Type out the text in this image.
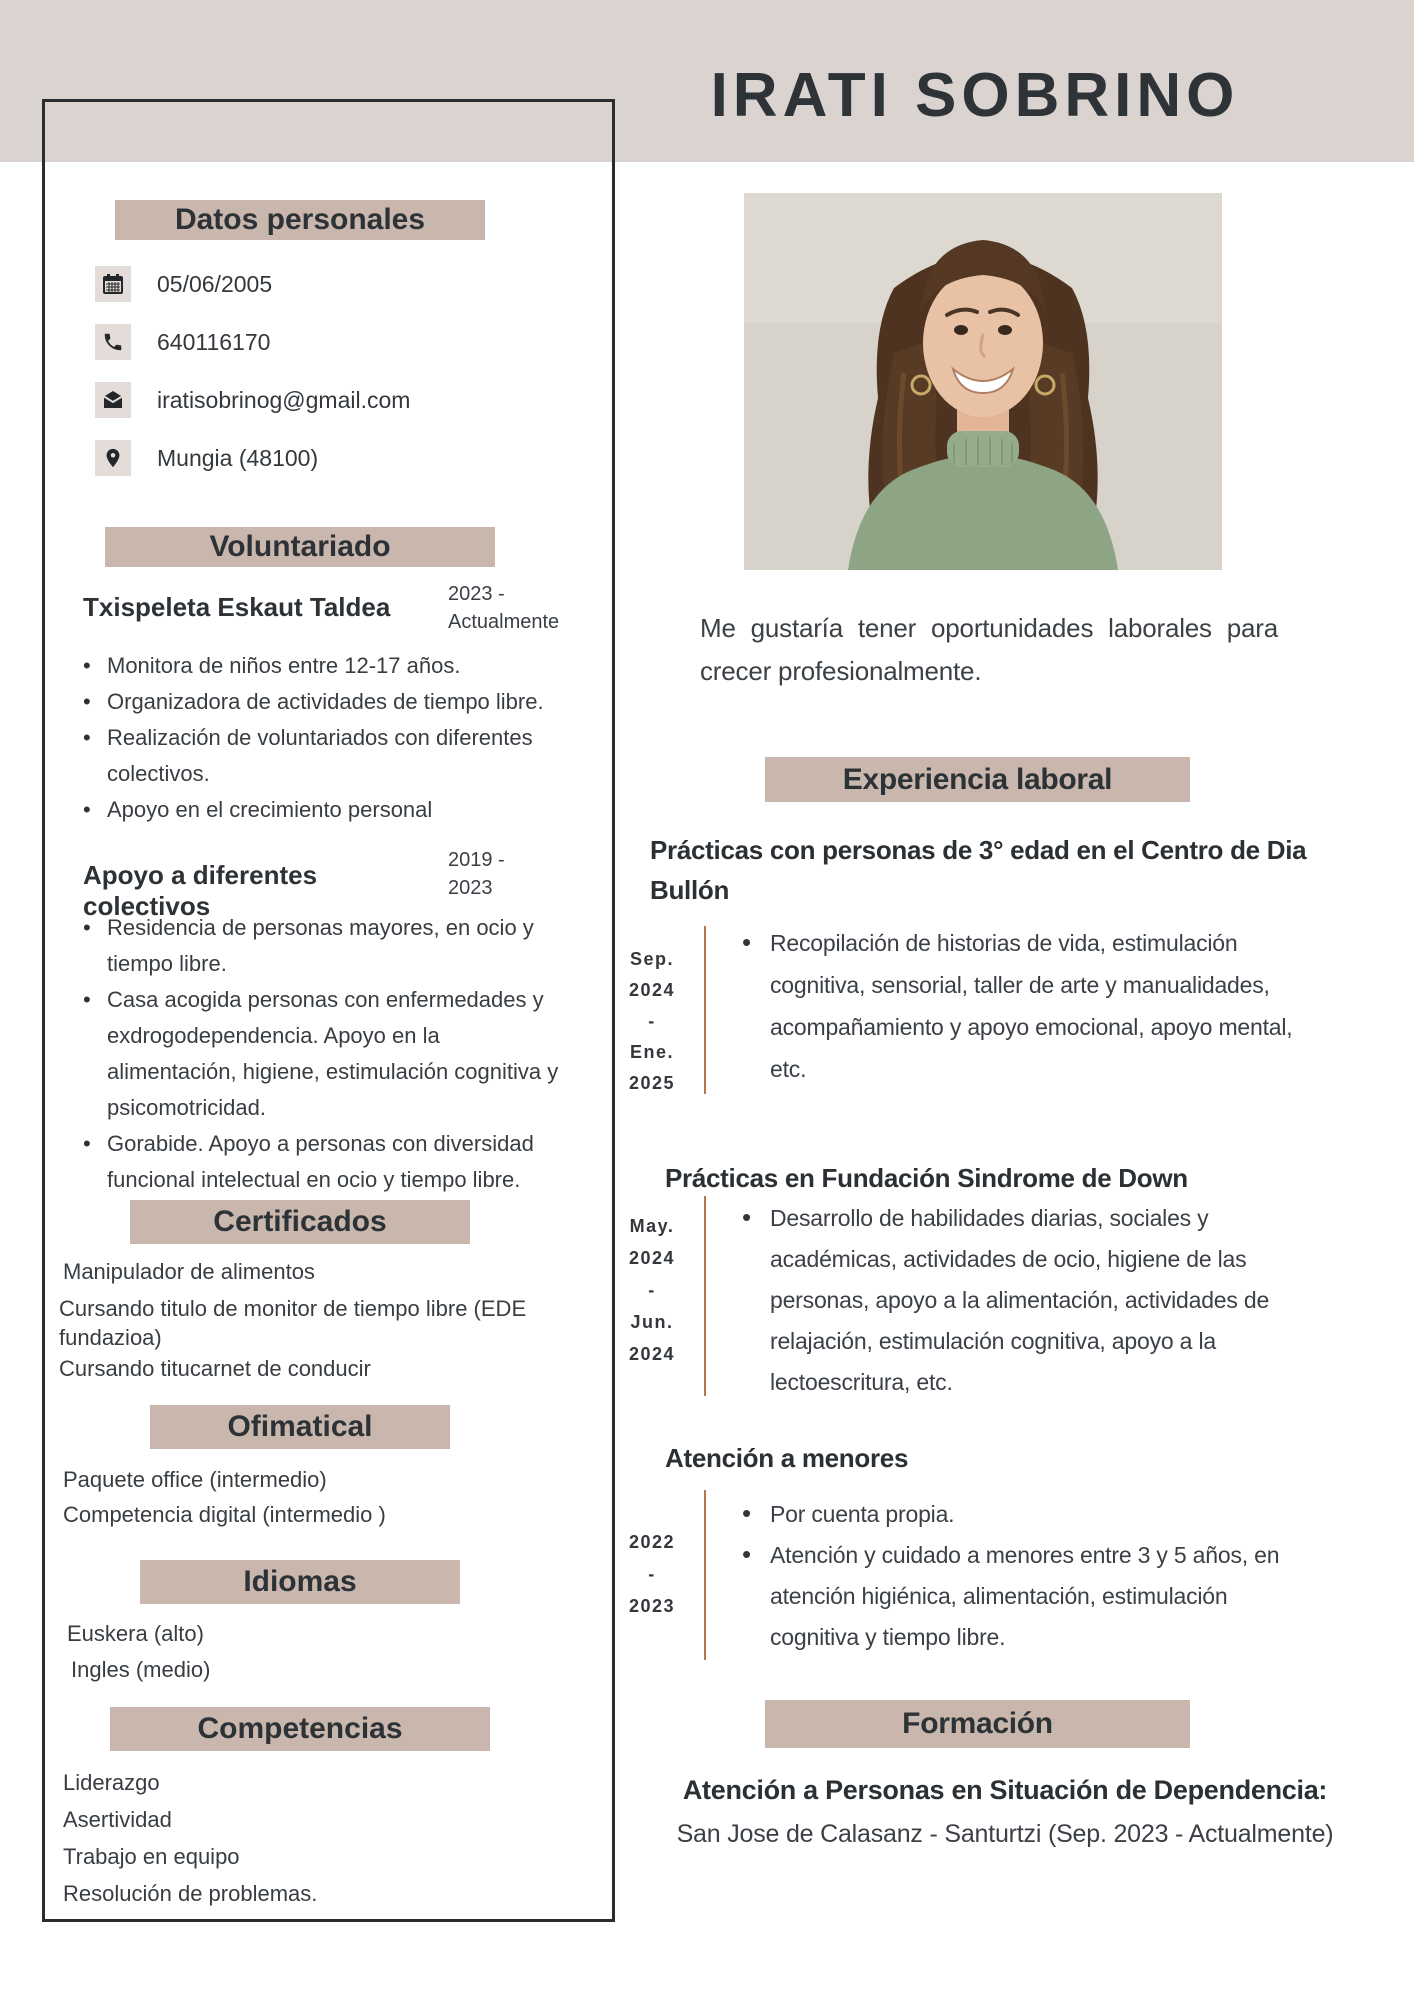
IRATI SOBRINO
Datos personales
05/06/2005
640116170
iratisobrinog@gmail.com
Mungia (48100)
Voluntariado
Txispeleta Eskaut Taldea	2023 -
Actualmente
• Monitora de niños entre 12-17 años.
• Organizadora de actividades de tiempo libre.
• Realización de voluntariados con diferentes colectivos.
• Apoyo en el crecimiento personal
Apoyo a diferentes colectivos
2019 -
2023
• Residencia de personas mayores, en ocio y tiempo libre.
• Casa acogida personas con enfermedades y exdrogodependencia. Apoyo en la alimentación, higiene, estimulación cognitiva y psicomotricidad.
• Gorabide. Apoyo a personas con diversidad funcional intelectual en ocio y tiempo libre.
Certificados
Manipulador de alimentos
Cursando titulo de monitor de tiempo libre (EDE fundazioa)
Cursando titucarnet de conducir
Ofimatical
Paquete office (intermedio)
Competencia digital (intermedio )
Idiomas
Euskera (alto)
Ingles (medio)
Competencias
Liderazgo
Asertividad
Trabajo en equipo
Resolución de problemas.
Me gustaría tener oportunidades laborales para crecer profesionalmente.
Experiencia laboral
Prácticas con personas de 3° edad en el Centro de Dia Bullón
Sep.
2024
-
Ene.
2025
• Recopilación de historias de vida, estimulación cognitiva, sensorial, taller de arte y manualidades, acompañamiento y apoyo emocional, apoyo mental, etc.
Prácticas en Fundación Sindrome de Down
May.
2024
-
Jun.
2024
• Desarrollo de habilidades diarias, sociales y académicas, actividades de ocio, higiene de las personas, apoyo a la alimentación, actividades de relajación, estimulación cognitiva, apoyo a la lectoescritura, etc.
Atención a menores
2022
-
2023
• Por cuenta propia.
• Atención y cuidado a menores entre 3 y 5 años, en atención higiénica, alimentación, estimulación cognitiva y tiempo libre.
Formación
Atención a Personas en Situación de Dependencia:
San Jose de Calasanz - Santurtzi (Sep. 2023 - Actualmente)
